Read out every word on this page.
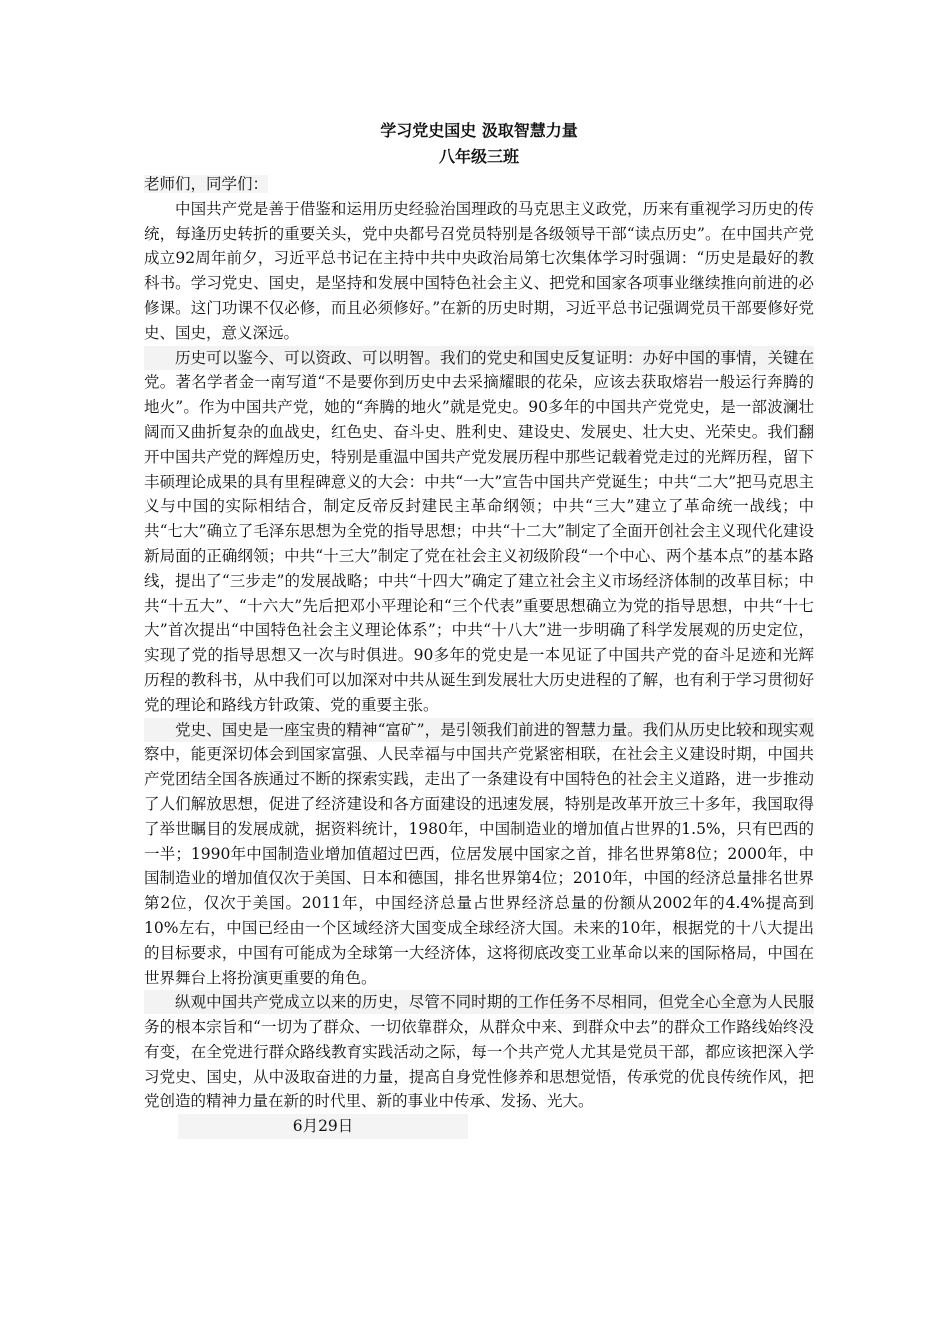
学习党史国史 汲取智慧力量

八年级三班

老师们，同学们：

中国共产党是善于借鉴和运用历史经验治国理政的马克思主义政党，历来有重视学习历史的传统，每逢历史转折的重要关头，党中央都号召党员特别是各级领导干部“读点历史”。在中国共产党成立92周年前夕，习近平总书记在主持中共中央政治局第七次集体学习时强调：“历史是最好的教科书。学习党史、国史，是坚持和发展中国特色社会主义、把党和国家各项事业继续推向前进的必修课。这门功课不仅必修，而且必须修好。”在新的历史时期，习近平总书记强调党员干部要修好党史、国史，意义深远。

历史可以鉴今、可以资政、可以明智。我们的党史和国史反复证明：办好中国的事情，关键在党。著名学者金一南写道“不是要你到历史中去采摘耀眼的花朵，应该去获取熔岩一般运行奔腾的地火”。作为中国共产党，她的“奔腾的地火”就是党史。90多年的中国共产党党史，是一部波澜壮阔而又曲折复杂的血战史，红色史、奋斗史、胜利史、建设史、发展史、壮大史、光荣史。我们翻开中国共产党的辉煌历史，特别是重温中国共产党发展历程中那些记载着党走过的光辉历程，留下丰硕理论成果的具有里程碑意义的大会：中共“一大”宣告中国共产党诞生；中共“二大”把马克思主义与中国的实际相结合，制定反帝反封建民主革命纲领；中共“三大”建立了革命统一战线；中共“七大”确立了毛泽东思想为全党的指导思想；中共“十二大”制定了全面开创社会主义现代化建设新局面的正确纲领；中共“十三大”制定了党在社会主义初级阶段“一个中心、两个基本点”的基本路线，提出了“三步走”的发展战略；中共“十四大”确定了建立社会主义市场经济体制的改革目标；中共“十五大”、“十六大”先后把邓小平理论和“三个代表”重要思想确立为党的指导思想，中共“十七大”首次提出“中国特色社会主义理论体系”；中共“十八大”进一步明确了科学发展观的历史定位，实现了党的指导思想又一次与时俱进。90多年的党史是一本见证了中国共产党的奋斗足迹和光辉历程的教科书，从中我们可以加深对中共从诞生到发展壮大历史进程的了解，也有利于学习贯彻好党的理论和路线方针政策、党的重要主张。

党史、国史是一座宝贵的精神“富矿”，是引领我们前进的智慧力量。我们从历史比较和现实观察中，能更深切体会到国家富强、人民幸福与中国共产党紧密相联，在社会主义建设时期，中国共产党团结全国各族通过不断的探索实践，走出了一条建设有中国特色的社会主义道路，进一步推动了人们解放思想，促进了经济建设和各方面建设的迅速发展，特别是改革开放三十多年，我国取得了举世瞩目的发展成就，据资料统计，1980年，中国制造业的增加值占世界的1.5%，只有巴西的一半；1990年中国制造业增加值超过巴西，位居发展中国家之首，排名世界第8位；2000年，中国制造业的增加值仅次于美国、日本和德国，排名世界第4位；2010年，中国的经济总量排名世界第2位，仅次于美国。2011年，中国经济总量占世界经济总量的份额从2002年的4.4%提高到10%左右，中国已经由一个区域经济大国变成全球经济大国。未来的10年，根据党的十八大提出的目标要求，中国有可能成为全球第一大经济体，这将彻底改变工业革命以来的国际格局，中国在世界舞台上将扮演更重要的角色。

纵观中国共产党成立以来的历史，尽管不同时期的工作任务不尽相同，但党全心全意为人民服务的根本宗旨和“一切为了群众、一切依靠群众，从群众中来、到群众中去”的群众工作路线始终没有变，在全党进行群众路线教育实践活动之际，每一个共产党人尤其是党员干部，都应该把深入学习党史、国史，从中汲取奋进的力量，提高自身党性修养和思想觉悟，传承党的优良传统作风，把党创造的精神力量在新的时代里、新的事业中传承、发扬、光大。

6月29日
